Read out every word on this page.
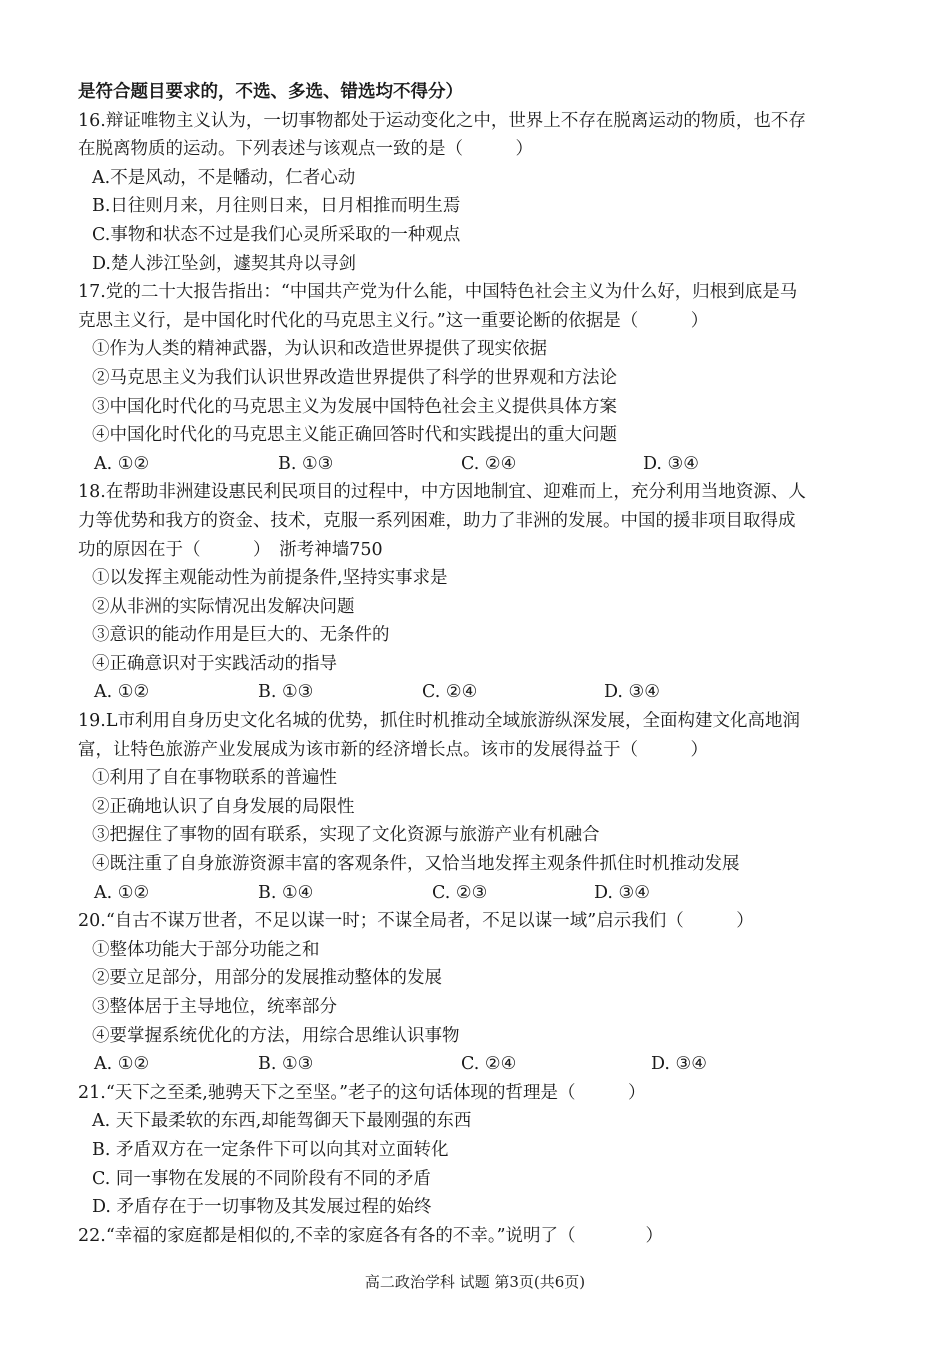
是符合题目要求的，不选、多选、错选均不得分）
16.辩证唯物主义认为，一切事物都处于运动变化之中，世界上不存在脱离运动的物质，也不存
在脱离物质的运动。下列表述与该观点一致的是（　　　）
A.不是风动，不是幡动，仁者心动
B.日往则月来，月往则日来，日月相推而明生焉
C.事物和状态不过是我们心灵所采取的一种观点
D.楚人涉江坠剑，遽契其舟以寻剑
17.党的二十大报告指出：“中国共产党为什么能，中国特色社会主义为什么好，归根到底是马
克思主义行，是中国化时代化的马克思主义行。”这一重要论断的依据是（　　　）
①作为人类的精神武器，为认识和改造世界提供了现实依据
②马克思主义为我们认识世界改造世界提供了科学的世界观和方法论
③中国化时代化的马克思主义为发展中国特色社会主义提供具体方案
④中国化时代化的马克思主义能正确回答时代和实践提出的重大问题
A. ①②	B. ①③	C. ②④	D. ③④
18.在帮助非洲建设惠民利民项目的过程中，中方因地制宜、迎难而上，充分利用当地资源、人
力等优势和我方的资金、技术，克服一系列困难，助力了非洲的发展。中国的援非项目取得成
功的原因在于（　　　）　浙考神墙750
①以发挥主观能动性为前提条件,坚持实事求是
②从非洲的实际情况出发解决问题
③意识的能动作用是巨大的、无条件的
④正确意识对于实践活动的指导
A. ①②	B. ①③	C. ②④	D. ③④
19.L市利用自身历史文化名城的优势，抓住时机推动全域旅游纵深发展，全面构建文化高地润
富，让特色旅游产业发展成为该市新的经济增长点。该市的发展得益于（　　　）
①利用了自在事物联系的普遍性
②正确地认识了自身发展的局限性
③把握住了事物的固有联系，实现了文化资源与旅游产业有机融合
④既注重了自身旅游资源丰富的客观条件，又恰当地发挥主观条件抓住时机推动发展
A. ①②	B. ①④	C. ②③	D. ③④
20.“自古不谋万世者，不足以谋一时；不谋全局者，不足以谋一域”启示我们（　　　）
①整体功能大于部分功能之和
②要立足部分，用部分的发展推动整体的发展
③整体居于主导地位，统率部分
④要掌握系统优化的方法，用综合思维认识事物
A. ①②	B. ①③	C. ②④	D. ③④
21.“天下之至柔,驰骋天下之至坚。”老子的这句话体现的哲理是（　　　）
A. 天下最柔软的东西,却能驾御天下最刚强的东西
B. 矛盾双方在一定条件下可以向其对立面转化
C. 同一事物在发展的不同阶段有不同的矛盾
D. 矛盾存在于一切事物及其发展过程的始终
22.“幸福的家庭都是相似的,不幸的家庭各有各的不幸。”说明了（　　　　）
高二政治学科 试题 第3页(共6页)
